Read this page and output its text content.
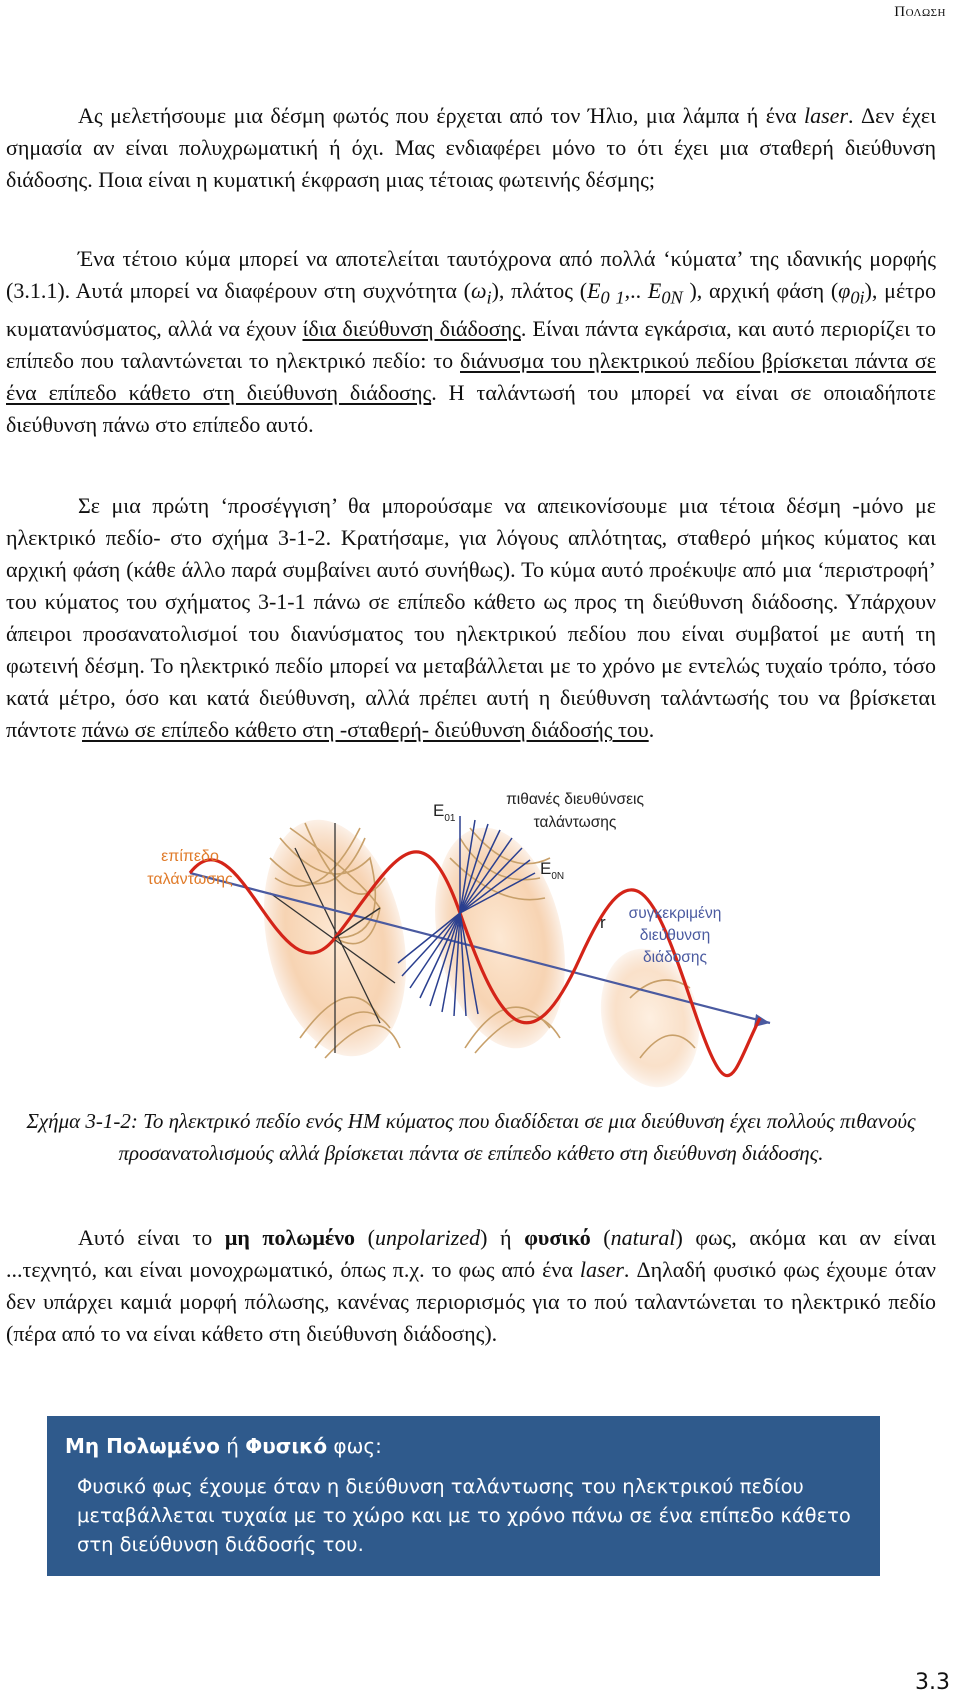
Πολωση

Ας μελετήσουμε μια δέσμη φωτός που έρχεται από τον Ήλιο, μια λάμπα ή ένα laser. Δεν έχει σημασία αν είναι πολυχρωματική ή όχι. Μας ενδιαφέρει μόνο το ότι έχει μια σταθερή διεύθυνση διάδοσης. Ποια είναι η κυματική έκφραση μιας τέτοιας φωτεινής δέσμης;

Ένα τέτοιο κύμα μπορεί να αποτελείται ταυτόχρονα από πολλά ‘κύματα’ της ιδανικής μορφής (3.1.1). Αυτά μπορεί να διαφέρουν στη συχνότητα $(\omega_i)$, πλάτος ($E_{0 1}$,.. $E_{0N}$ ), αρχική φάση $(\varphi_{0i})$, μέτρο κυματανύσματος, αλλά να έχουν ίδια διεύθυνση διάδοσης. Είναι πάντα εγκάρσια, και αυτό περιορίζει το επίπεδο που ταλαντώνεται το ηλεκτρικό πεδίο: το διάνυσμα του ηλεκτρικού πεδίου βρίσκεται πάντα σε ένα επίπεδο κάθετο στη διεύθυνση διάδοσης. Η ταλάντωσή του μπορεί να είναι σε οποιαδήποτε διεύθυνση πάνω στο επίπεδο αυτό.

Σε μια πρώτη ‘προσέγγιση’ θα μπορούσαμε να απεικονίσουμε μια τέτοια δέσμη -μόνο με ηλεκτρικό πεδίο- στο σχήμα 3-1-2. Κρατήσαμε, για λόγους απλότητας, σταθερό μήκος κύματος και αρχική φάση (κάθε άλλο παρά συμβαίνει αυτό συνήθως). Το κύμα αυτό προέκυψε από μια ‘περιστροφή’ του κύματος του σχήματος 3-1-1 πάνω σε επίπεδο κάθετο ως προς τη διεύθυνση διάδοσης. Υπάρχουν άπειροι προσανατολισμοί του διανύσματος του ηλεκτρικού πεδίου που είναι συμβατοί με αυτή τη φωτεινή δέσμη. Το ηλεκτρικό πεδίο μπορεί να μεταβάλλεται με το χρόνο με εντελώς τυχαίο τρόπο, τόσο κατά μέτρο, όσο και κατά διεύθυνση, αλλά πρέπει αυτή η διεύθυνση ταλάντωσής του να βρίσκεται πάντοτε πάνω σε επίπεδο κάθετο στη -σταθερή- διεύθυνση διάδοσής του.

επίπεδο
ταλάντωσης
$E_{01}$
πιθανές διευθύνσεις
ταλάντωσης
$E_{0N}$
r συγκεκριμένη
διεύθυνση
διάδοσης

Σχήμα 3-1-2: Το ηλεκτρικό πεδίο ενός ΗΜ κύματος που διαδίδεται σε μια διεύθυνση έχει πολλούς πιθανούς προσανατολισμούς αλλά βρίσκεται πάντα σε επίπεδο κάθετο στη διεύθυνση διάδοσης.

Αυτό είναι το μη πολωμένο (unpolarized) ή φυσικό (natural) φως, ακόμα και αν είναι ...τεχνητό, και είναι μονοχρωματικό, όπως π.χ. το φως από ένα laser. Δηλαδή φυσικό φως έχουμε όταν δεν υπάρχει καμιά μορφή πόλωσης, κανένας περιορισμός για το πού ταλαντώνεται το ηλεκτρικό πεδίο (πέρα από το να είναι κάθετο στη διεύθυνση διάδοσης).

Μη Πολωμένο ή Φυσικό φως:

Φυσικό φως έχουμε όταν η διεύθυνση ταλάντωσης του ηλεκτρικού πεδίου μεταβάλλεται τυχαία με το χώρο και με το χρόνο πάνω σε ένα επίπεδο κάθετο στη διεύθυνση διάδοσής του.

3.3
